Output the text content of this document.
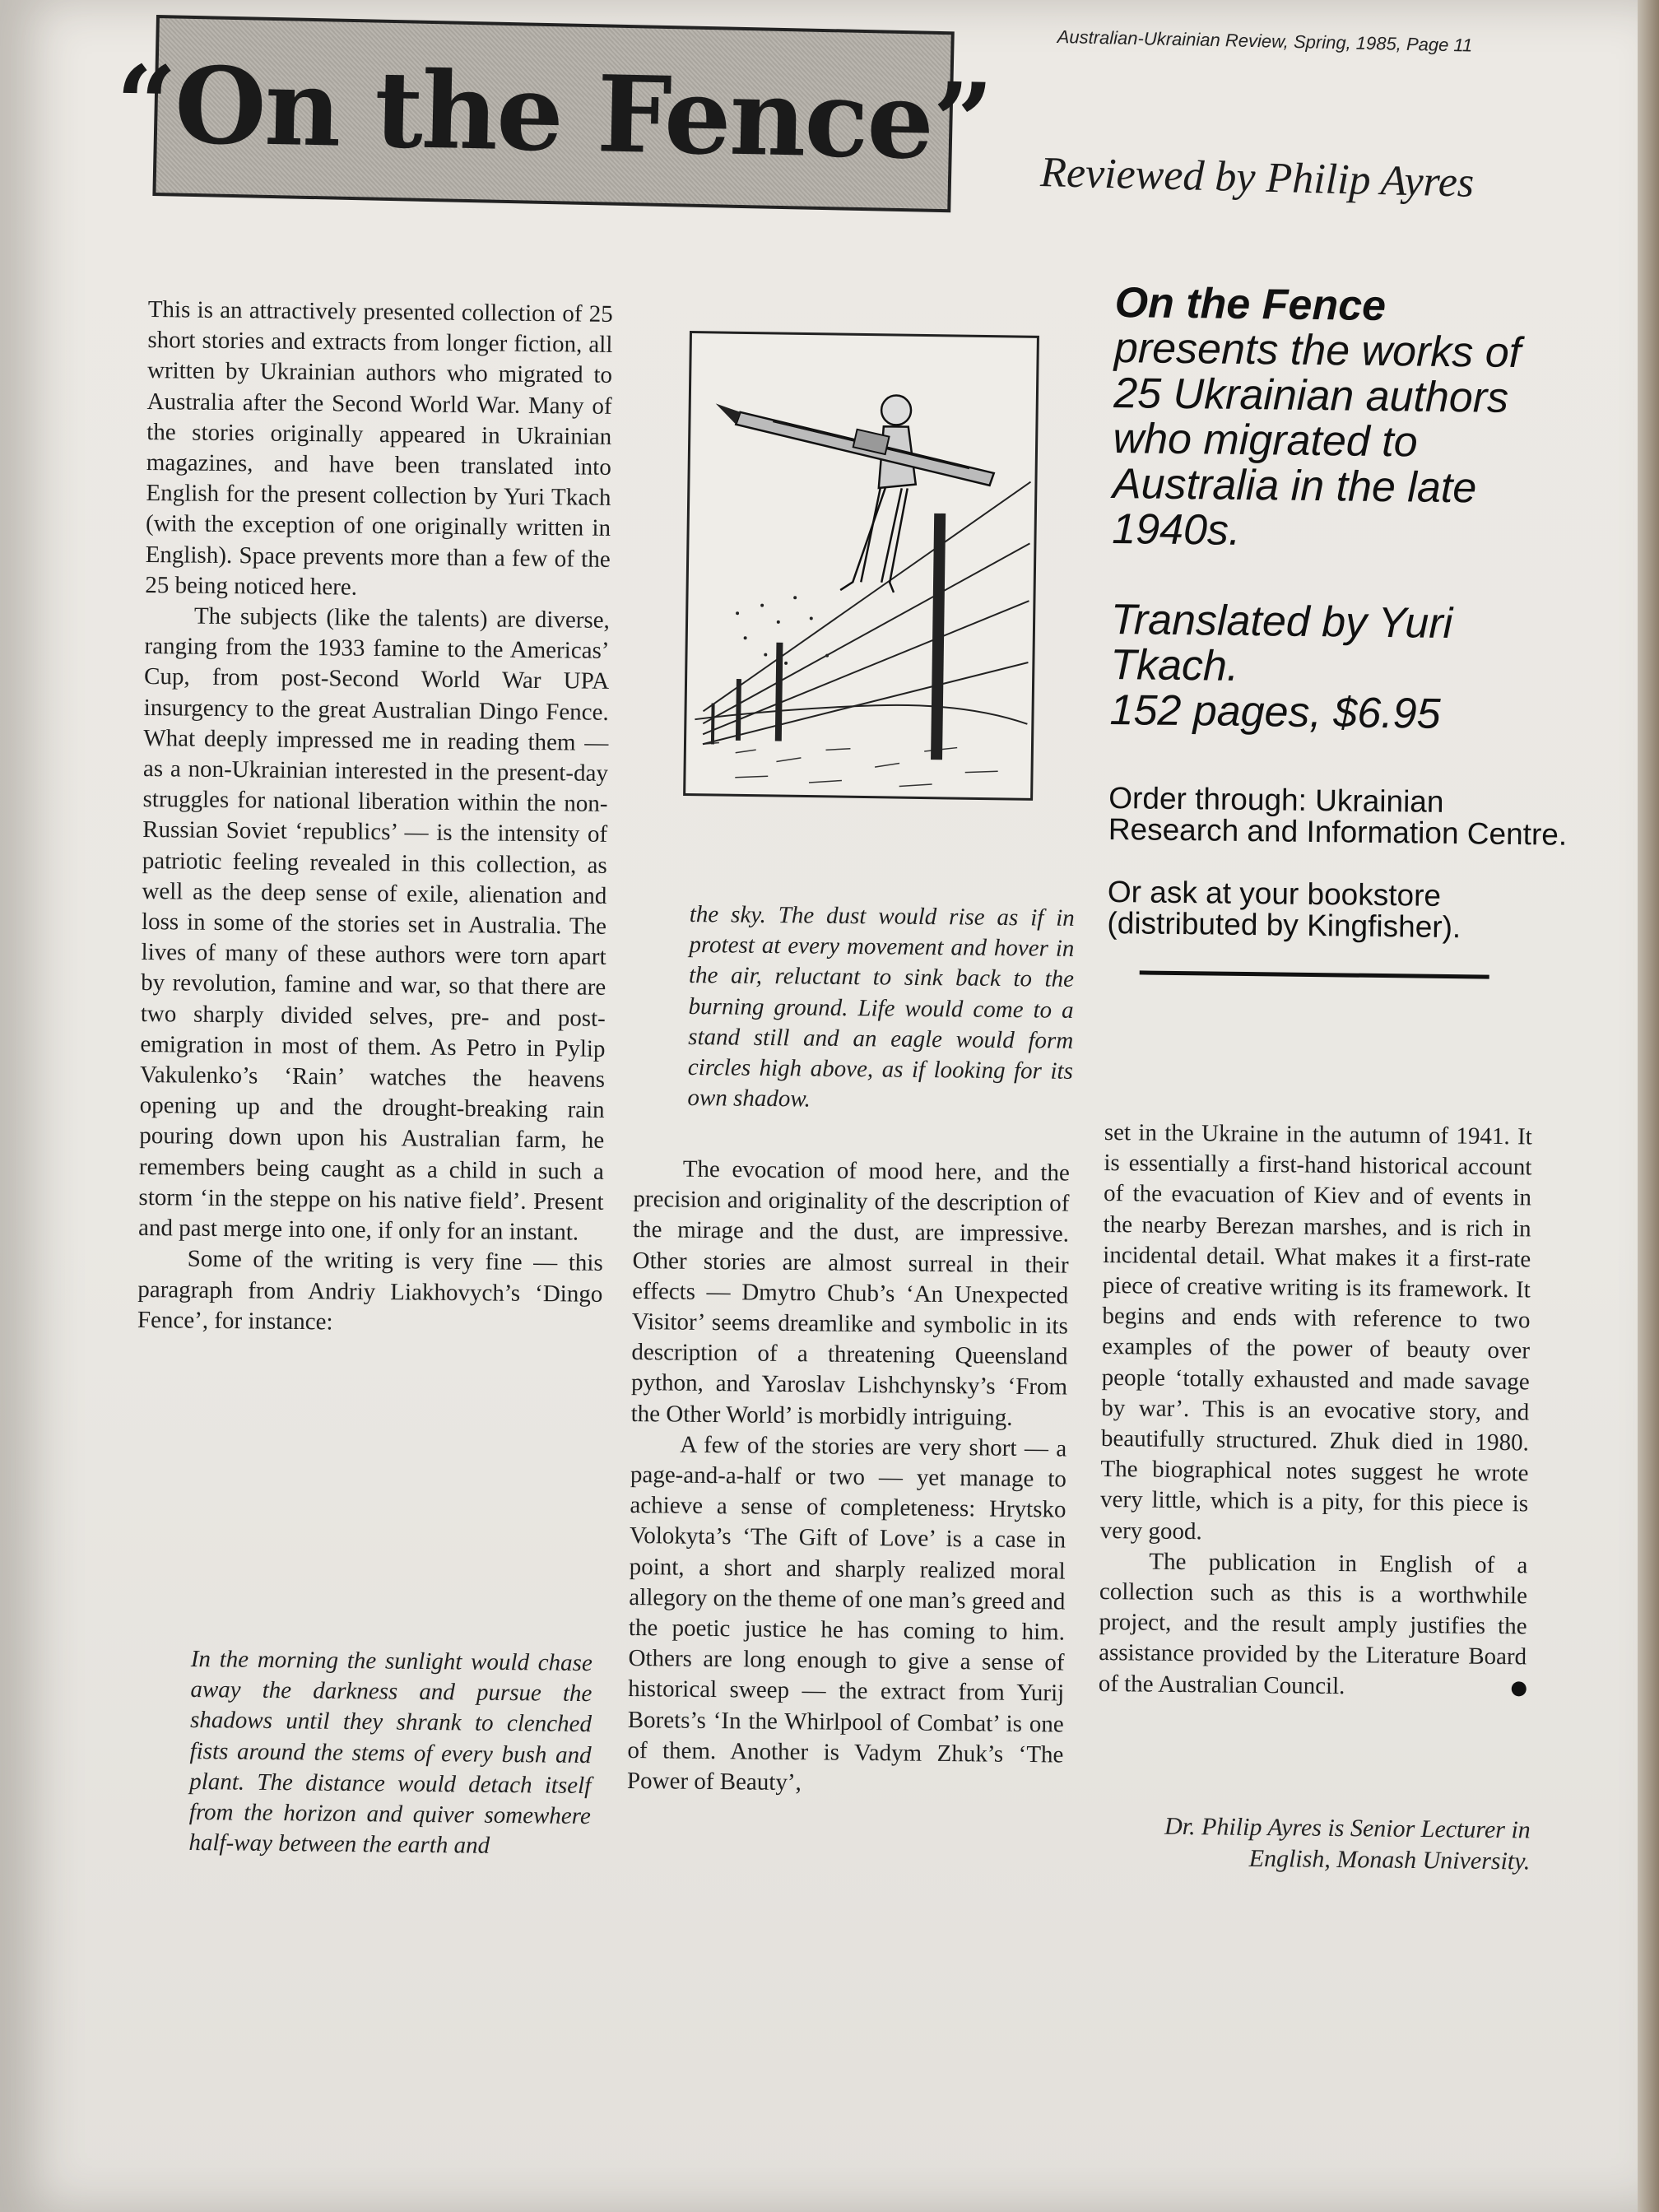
Australian-Ukrainian Review, Spring, 1985, Page 11
“On the Fence” Reviewed by Philip Ayres
On the Fence
presents the works of 25 Ukrainian authors who migrated to Australia in the late 1940s.
Translated by Yuri Tkach.
152 pages, $6.95
Order through: Ukrainian Research and Information Centre.
Or ask at your bookstore (distributed by Kingfisher).

This is an attractively presented collection of 25 short stories and extracts from longer fiction, all written by Ukrainian authors who migrated to Australia after the Second World War. Many of the stories originally appeared in Ukrainian magazines, and have been translated into English for the present collection by Yuri Tkach (with the exception of one originally written in English). Space prevents more than a few of the 25 being noticed here.

The subjects (like the talents) are diverse, ranging from the 1933 famine to the Americas’ Cup, from post-Second World War UPA insurgency to the great Australian Dingo Fence. What deeply impressed me in reading them — as a non-Ukrainian interested in the present-day struggles for national liberation within the non-Russian Soviet ‘republics’ — is the intensity of patriotic feeling revealed in this collection, as well as the deep sense of exile, alienation and loss in some of the stories set in Australia. The lives of many of these authors were torn apart by revolution, famine and war, so that there are two sharply divided selves, pre- and post-emigration in most of them. As Petro in Pylip Vakulenko’s ‘Rain’ watches the heavens opening up and the drought-breaking rain pouring down upon his Australian farm, he remembers being caught as a child in such a storm ‘in the steppe on his native field’. Present and past merge into one, if only for an instant.

Some of the writing is very fine — this paragraph from Andriy Liakhovych’s ‘Dingo Fence’, for instance:

In the morning the sunlight would chase away the darkness and pursue the shadows until they shrank to clenched fists around the stems of every bush and plant. The distance would detach itself from the horizon and quiver somewhere half-way between the earth and
the sky. The dust would rise as if in protest at every movement and hover in the air, reluctant to sink back to the burning ground. Life would come to a stand still and an eagle would form circles high above, as if looking for its own shadow.

The evocation of mood here, and the precision and originality of the description of the mirage and the dust, are impressive. Other stories are almost surreal in their effects — Dmytro Chub’s ‘An Unexpected Visitor’ seems dreamlike and symbolic in its description of a threatening Queensland python, and Yaroslav Lishchynsky’s ‘From the Other World’ is morbidly intriguing.

A few of the stories are very short — a page-and-a-half or two — yet manage to achieve a sense of completeness: Hrytsko Volokyta’s ‘The Gift of Love’ is a case in point, a short and sharply realized moral allegory on the theme of one man’s greed and the poetic justice he has coming to him. Others are long enough to give a sense of historical sweep — the extract from Yurij Borets’s ‘In the Whirlpool of Combat’ is one of them. Another is Vadym Zhuk’s ‘The Power of Beauty’,

set in the Ukraine in the autumn of 1941. It is essentially a first-hand historical account of the evacuation of Kiev and of events in the nearby Berezan marshes, and is rich in incidental detail. What makes it a first-rate piece of creative writing is its framework. It begins and ends with reference to two examples of the power of beauty over people ‘totally exhausted and made savage by war’. This is an evocative story, and beautifully structured. Zhuk died in 1980. The biographical notes suggest he wrote very little, which is a pity, for this piece is very good.

The publication in English of a collection such as this is a worthwhile project, and the result amply justifies the assistance provided by the Literature Board of the Australian Council.

Dr. Philip Ayres is Senior Lecturer in English, Monash University.
